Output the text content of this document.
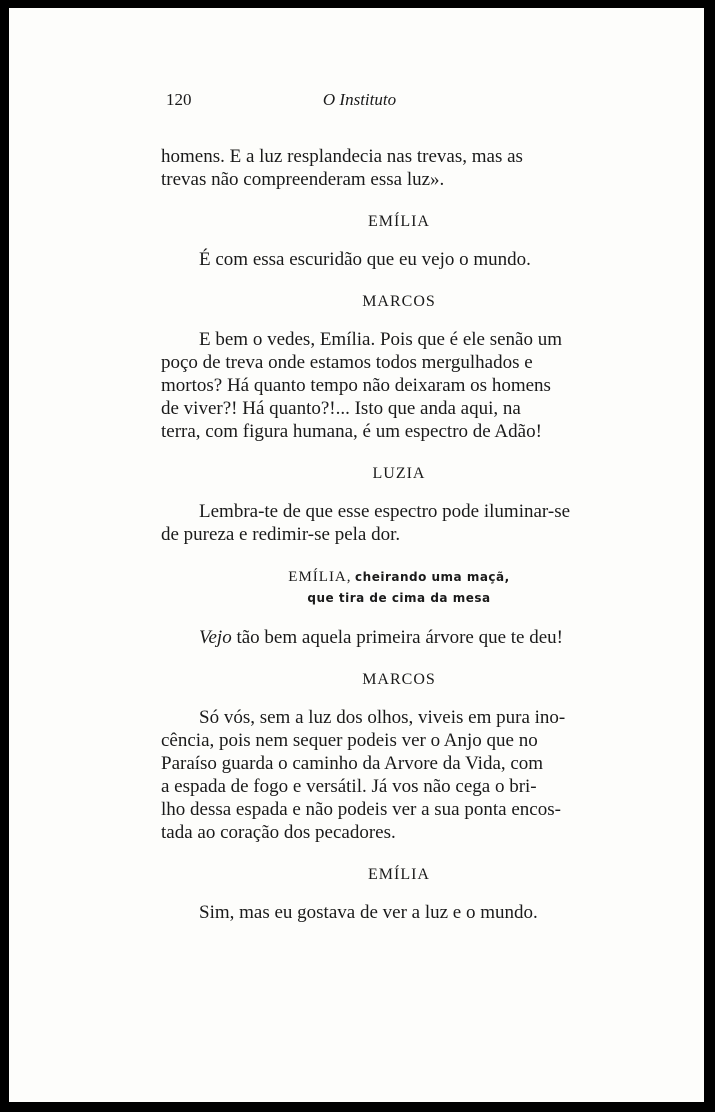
120	O Instituto

homens. E a luz resplandecia nas trevas, mas as
trevas não compreenderam essa luz».

EMÍLIA

É com essa escuridão que eu vejo o mundo.

MARCOS

E bem o vedes, Emília. Pois que é ele senão um

poço de treva onde estamos todos mergulhados e
mortos? Há quanto tempo não deixaram os homens
de viver?! Há quanto?!... Isto que anda aqui, na
terra, com figura humana, é um espectro de Adão!

LUZIA

Lembra-te de que esse espectro pode iluminar-se

de pureza e redimir-se pela dor.

EMÍLIA, cheirando uma maçã,
que tira de cima da mesa

Vejo tão bem aquela primeira árvore que te deu!

MARCOS

Só vós, sem a luz dos olhos, viveis em pura ino-

cência, pois nem sequer podeis ver o Anjo que no
Paraíso guarda o caminho da Arvore da Vida, com
a espada de fogo e versátil. Já vos não cega o bri-
lho dessa espada e não podeis ver a sua ponta encos-
tada ao coração dos pecadores.

EMÍLIA

Sim, mas eu gostava de ver a luz e o mundo.
